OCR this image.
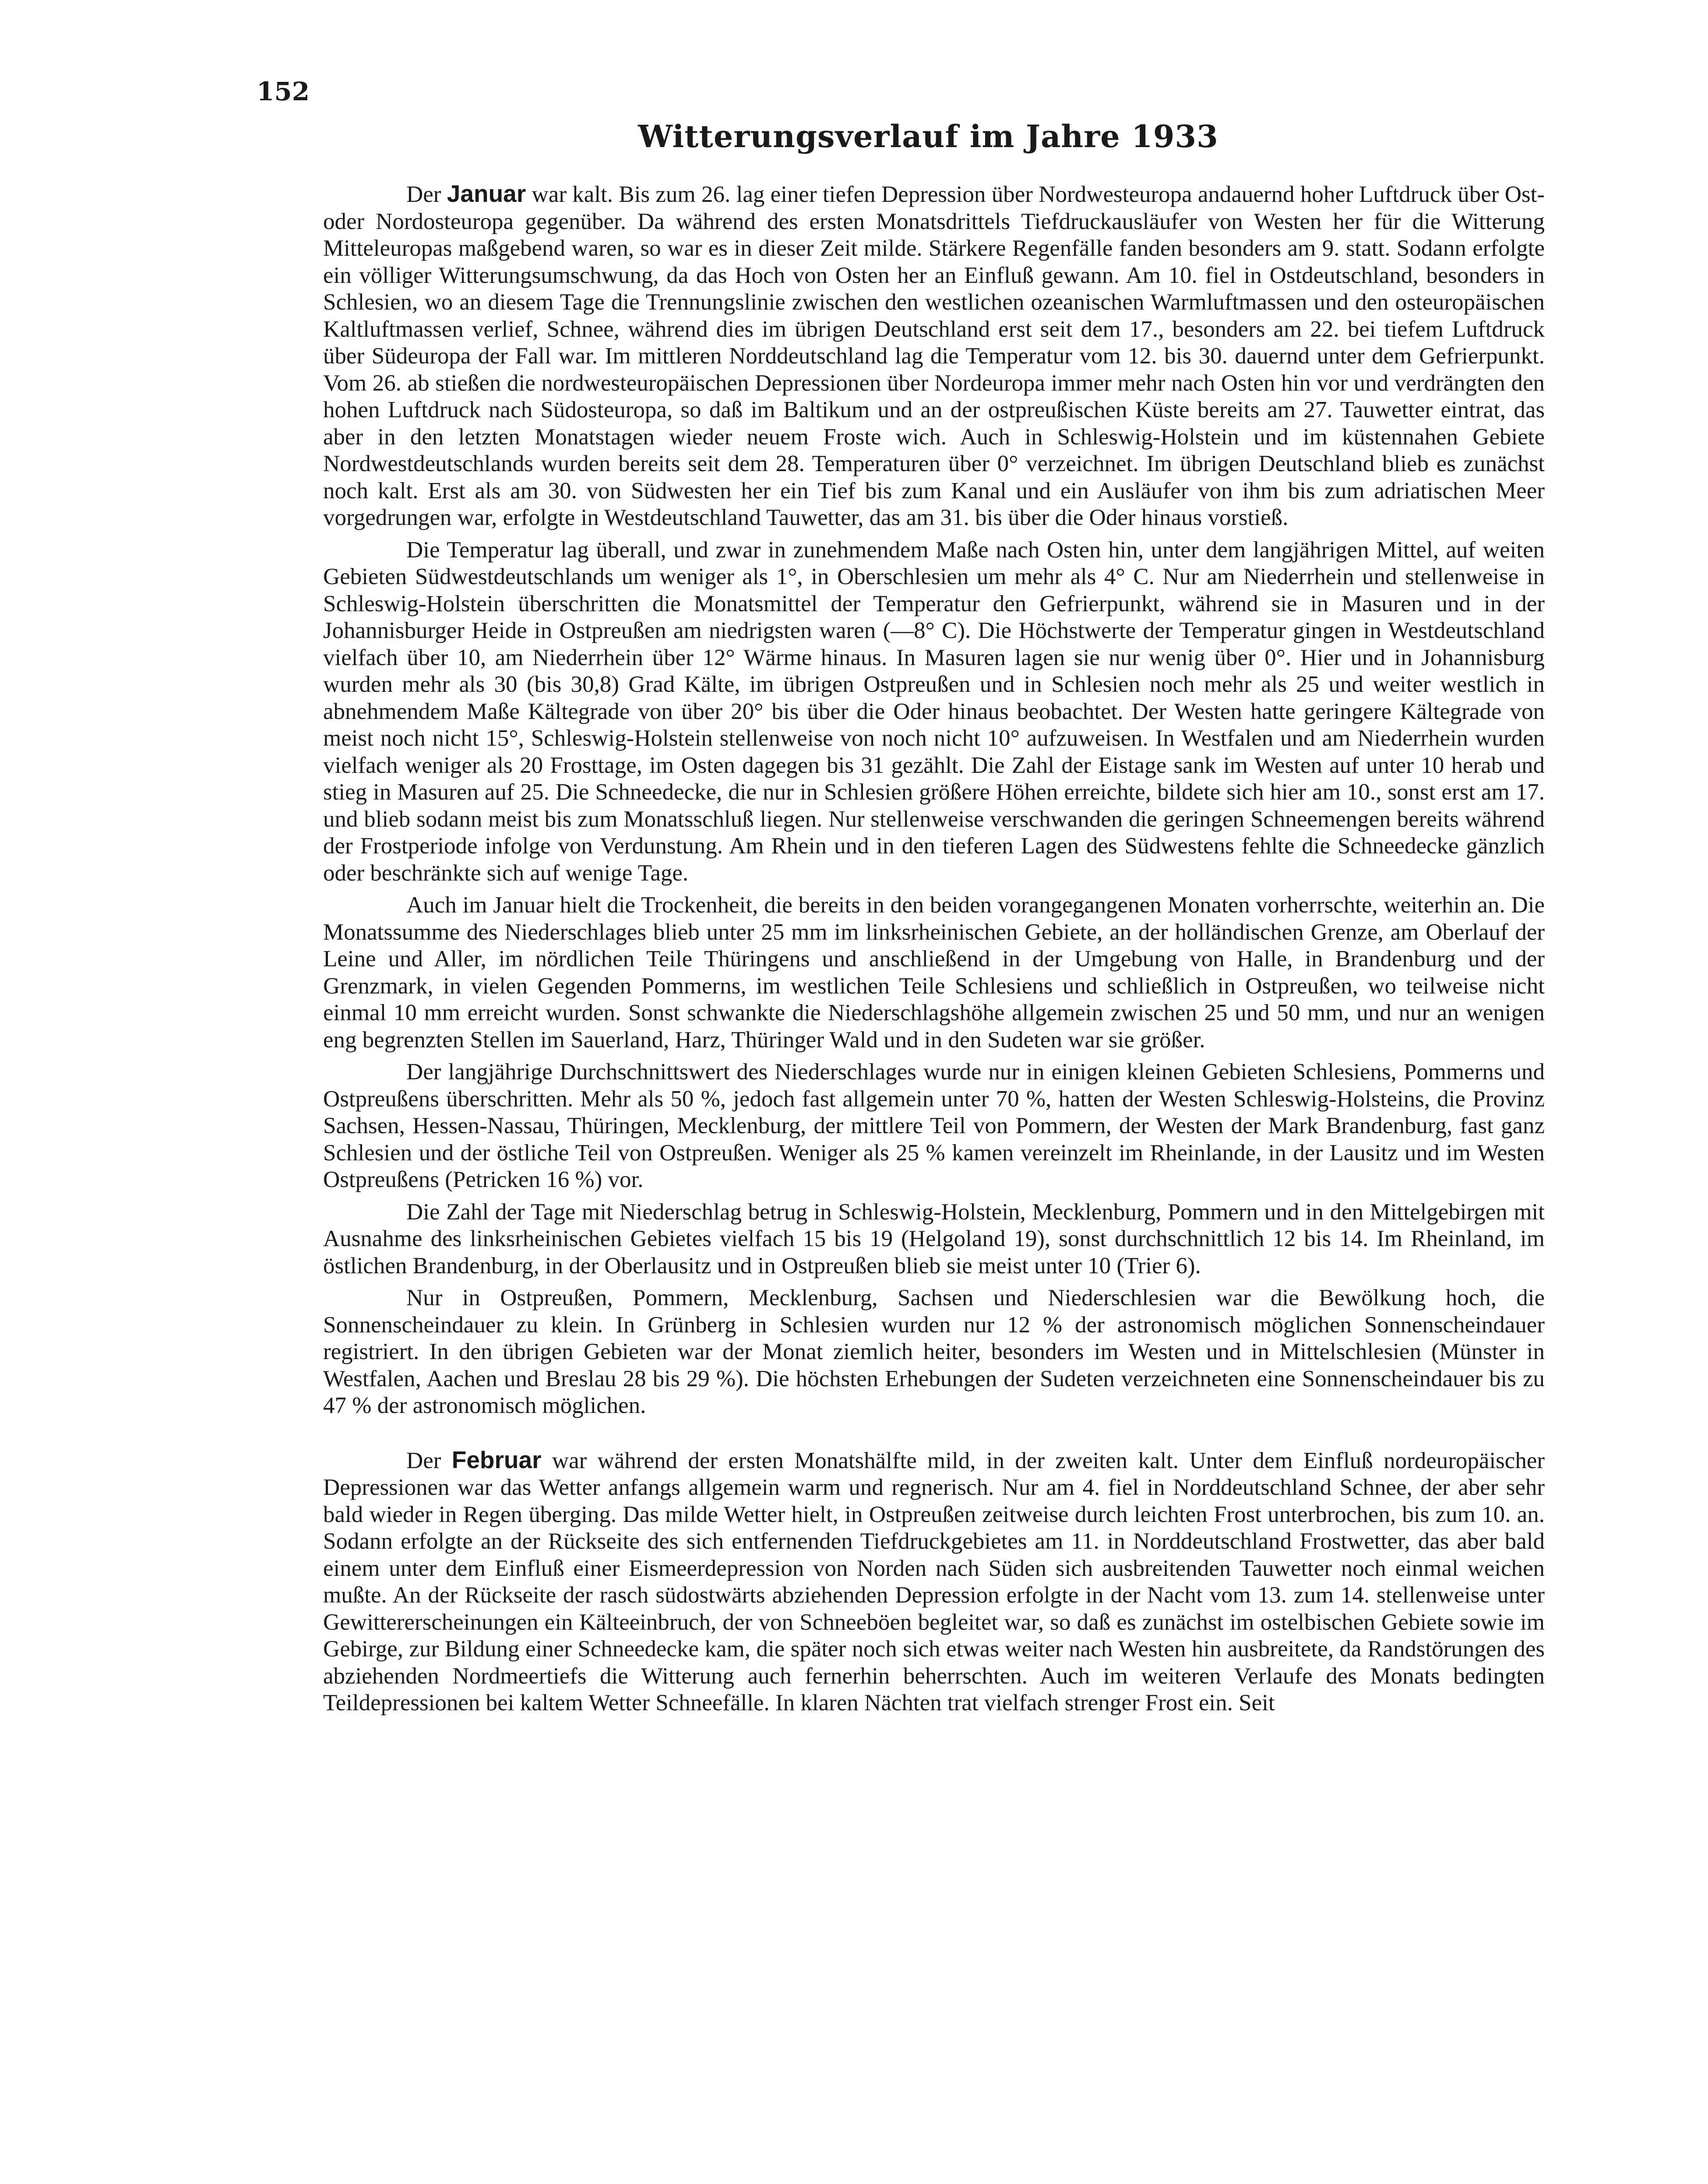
152
Witterungsverlauf im Jahre 1933

Der Januar war kalt. Bis zum 26. lag einer tiefen Depression über Nordwesteuropa andauernd hoher Luftdruck über Ost- oder Nordosteuropa gegenüber. Da während des ersten Monatsdrittels Tiefdruckausläufer von Westen her für die Witterung Mitteleuropas maßgebend waren, so war es in dieser Zeit milde. Stärkere Regenfälle fanden besonders am 9. statt. Sodann erfolgte ein völliger Witterungsumschwung, da das Hoch von Osten her an Einfluß gewann. Am 10. fiel in Ostdeutschland, besonders in Schlesien, wo an diesem Tage die Trennungslinie zwischen den westlichen ozeanischen Warmluftmassen und den osteuropäischen Kaltluftmassen verlief, Schnee, während dies im übrigen Deutschland erst seit dem 17., besonders am 22. bei tiefem Luftdruck über Südeuropa der Fall war. Im mittleren Norddeutschland lag die Temperatur vom 12. bis 30. dauernd unter dem Gefrierpunkt. Vom 26. ab stießen die nordwesteuropäischen Depressionen über Nordeuropa immer mehr nach Osten hin vor und verdrängten den hohen Luftdruck nach Südosteuropa, so daß im Baltikum und an der ostpreußischen Küste bereits am 27. Tauwetter eintrat, das aber in den letzten Monatstagen wieder neuem Froste wich. Auch in Schleswig-Holstein und im küstennahen Gebiete Nordwestdeutschlands wurden bereits seit dem 28. Temperaturen über 0° verzeichnet. Im übrigen Deutschland blieb es zunächst noch kalt. Erst als am 30. von Südwesten her ein Tief bis zum Kanal und ein Ausläufer von ihm bis zum adriatischen Meer vorgedrungen war, erfolgte in Westdeutschland Tauwetter, das am 31. bis über die Oder hinaus vorstieß.

Die Temperatur lag überall, und zwar in zunehmendem Maße nach Osten hin, unter dem langjährigen Mittel, auf weiten Gebieten Südwestdeutschlands um weniger als 1°, in Oberschlesien um mehr als 4° C. Nur am Niederrhein und stellenweise in Schleswig-Holstein überschritten die Monatsmittel der Temperatur den Gefrierpunkt, während sie in Masuren und in der Johannisburger Heide in Ostpreußen am niedrigsten waren (—8° C). Die Höchstwerte der Temperatur gingen in Westdeutschland vielfach über 10, am Niederrhein über 12° Wärme hinaus. In Masuren lagen sie nur wenig über 0°. Hier und in Johannisburg wurden mehr als 30 (bis 30,8) Grad Kälte, im übrigen Ostpreußen und in Schlesien noch mehr als 25 und weiter westlich in abnehmendem Maße Kältegrade von über 20° bis über die Oder hinaus beobachtet. Der Westen hatte geringere Kältegrade von meist noch nicht 15°, Schleswig-Holstein stellenweise von noch nicht 10° aufzuweisen. In Westfalen und am Niederrhein wurden vielfach weniger als 20 Frosttage, im Osten dagegen bis 31 gezählt. Die Zahl der Eistage sank im Westen auf unter 10 herab und stieg in Masuren auf 25. Die Schneedecke, die nur in Schlesien größere Höhen erreichte, bildete sich hier am 10., sonst erst am 17. und blieb sodann meist bis zum Monatsschluß liegen. Nur stellenweise verschwanden die geringen Schneemengen bereits während der Frostperiode infolge von Verdunstung. Am Rhein und in den tieferen Lagen des Südwestens fehlte die Schneedecke gänzlich oder beschränkte sich auf wenige Tage.

Auch im Januar hielt die Trockenheit, die bereits in den beiden vorangegangenen Monaten vorherrschte, weiterhin an. Die Monatssumme des Niederschlages blieb unter 25 mm im linksrheinischen Gebiete, an der holländischen Grenze, am Oberlauf der Leine und Aller, im nördlichen Teile Thüringens und anschließend in der Umgebung von Halle, in Brandenburg und der Grenzmark, in vielen Gegenden Pommerns, im westlichen Teile Schlesiens und schließlich in Ostpreußen, wo teilweise nicht einmal 10 mm erreicht wurden. Sonst schwankte die Niederschlagshöhe allgemein zwischen 25 und 50 mm, und nur an wenigen eng begrenzten Stellen im Sauerland, Harz, Thüringer Wald und in den Sudeten war sie größer.

Der langjährige Durchschnittswert des Niederschlages wurde nur in einigen kleinen Gebieten Schlesiens, Pommerns und Ostpreußens überschritten. Mehr als 50 %, jedoch fast allgemein unter 70 %, hatten der Westen Schleswig-Holsteins, die Provinz Sachsen, Hessen-Nassau, Thüringen, Mecklenburg, der mittlere Teil von Pommern, der Westen der Mark Brandenburg, fast ganz Schlesien und der östliche Teil von Ostpreußen. Weniger als 25 % kamen vereinzelt im Rheinlande, in der Lausitz und im Westen Ostpreußens (Petricken 16 %) vor.

Die Zahl der Tage mit Niederschlag betrug in Schleswig-Holstein, Mecklenburg, Pommern und in den Mittelgebirgen mit Ausnahme des linksrheinischen Gebietes vielfach 15 bis 19 (Helgoland 19), sonst durchschnittlich 12 bis 14. Im Rheinland, im östlichen Brandenburg, in der Oberlausitz und in Ostpreußen blieb sie meist unter 10 (Trier 6).

Nur in Ostpreußen, Pommern, Mecklenburg, Sachsen und Niederschlesien war die Bewölkung hoch, die Sonnenscheindauer zu klein. In Grünberg in Schlesien wurden nur 12 % der astronomisch möglichen Sonnenscheindauer registriert. In den übrigen Gebieten war der Monat ziemlich heiter, besonders im Westen und in Mittelschlesien (Münster in Westfalen, Aachen und Breslau 28 bis 29 %). Die höchsten Erhebungen der Sudeten verzeichneten eine Sonnenscheindauer bis zu 47 % der astronomisch möglichen.

Der Februar war während der ersten Monatshälfte mild, in der zweiten kalt. Unter dem Einfluß nordeuropäischer Depressionen war das Wetter anfangs allgemein warm und regnerisch. Nur am 4. fiel in Norddeutschland Schnee, der aber sehr bald wieder in Regen überging. Das milde Wetter hielt, in Ostpreußen zeitweise durch leichten Frost unterbrochen, bis zum 10. an. Sodann erfolgte an der Rückseite des sich entfernenden Tiefdruckgebietes am 11. in Norddeutschland Frostwetter, das aber bald einem unter dem Einfluß einer Eismeerdepression von Norden nach Süden sich ausbreitenden Tauwetter noch einmal weichen mußte. An der Rückseite der rasch südostwärts abziehenden Depression erfolgte in der Nacht vom 13. zum 14. stellenweise unter Gewittererscheinungen ein Kälteeinbruch, der von Schneeböen begleitet war, so daß es zunächst im ostelbischen Gebiete sowie im Gebirge, zur Bildung einer Schneedecke kam, die später noch sich etwas weiter nach Westen hin ausbreitete, da Randstörungen des abziehenden Nordmeertiefs die Witterung auch fernerhin beherrschten. Auch im weiteren Verlaufe des Monats bedingten Teildepressionen bei kaltem Wetter Schneefälle. In klaren Nächten trat vielfach strenger Frost ein. Seit
